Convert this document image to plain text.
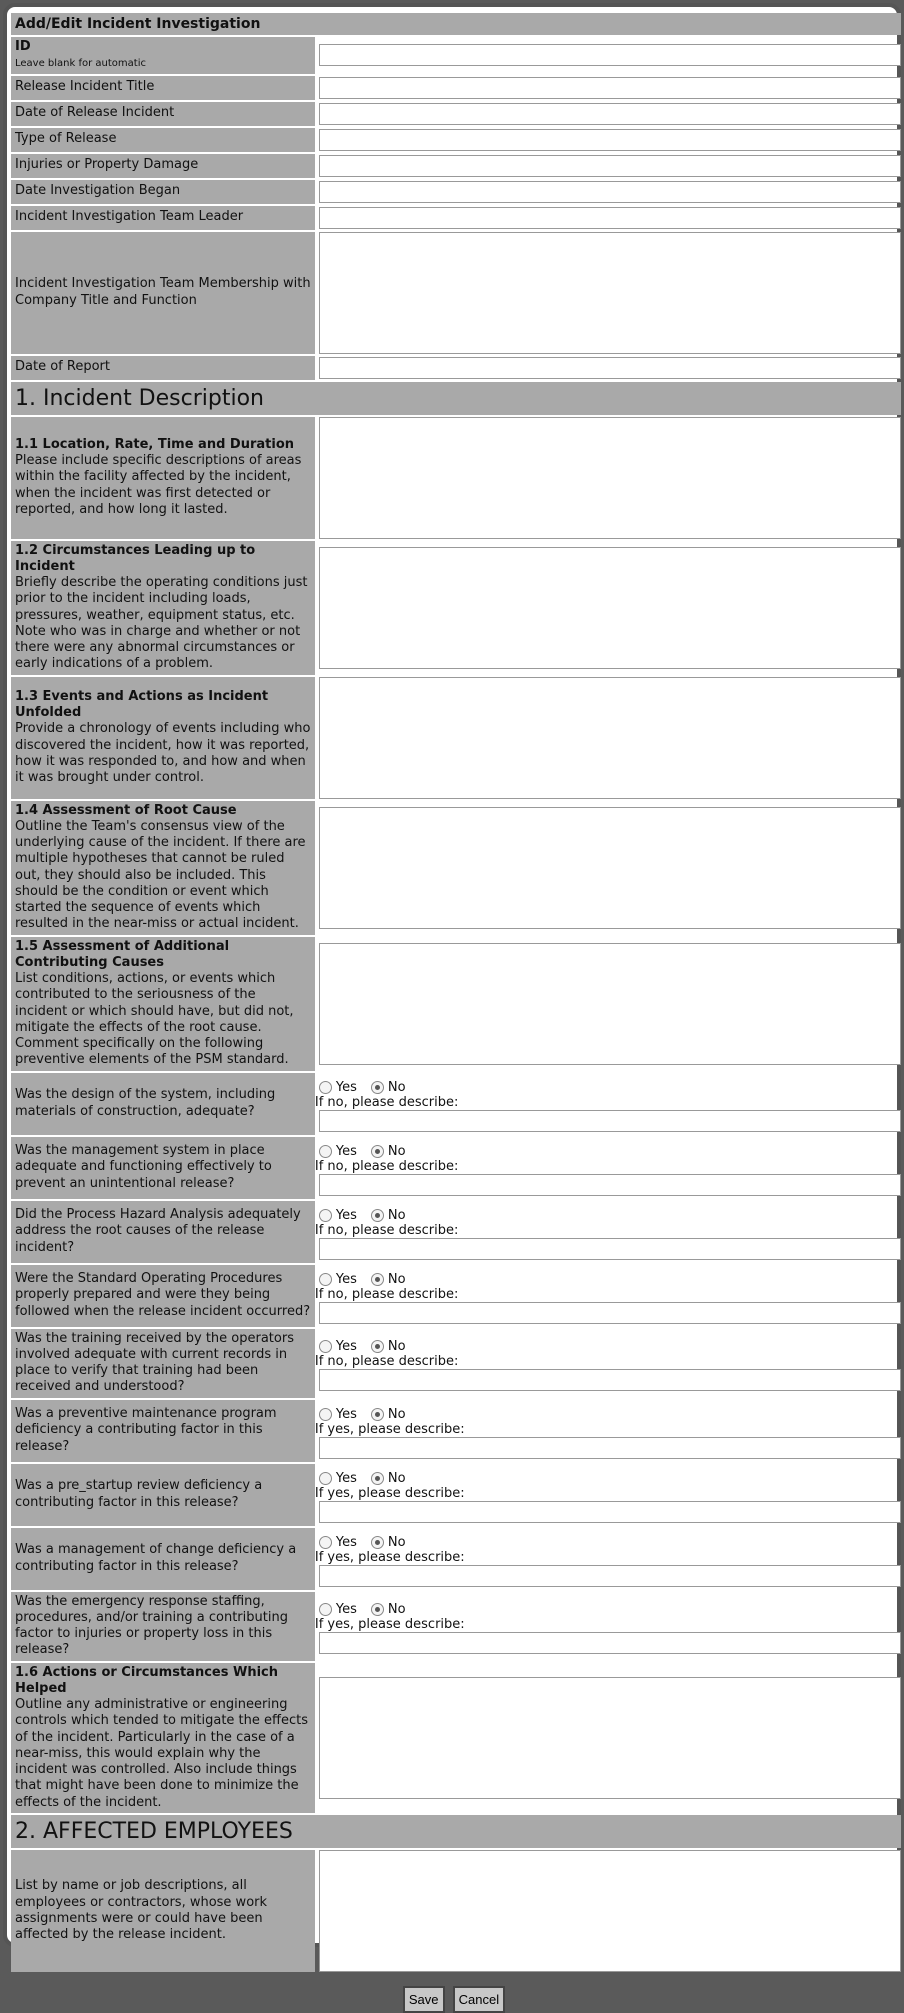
Add/Edit Incident Investigation	
ID
Leave blank for automatic	
Release Incident Title	
Date of Release Incident	
Type of Release	
Injuries or Property Damage	
Date Investigation Began	
Incident Investigation Team Leader	
Incident Investigation Team Membership with Company Title and Function	

Date of Report	
1. Incident Description	
1.1 Location, Rate, Time and Duration
Please include specific descriptions of areas within the facility affected by the incident, when the incident was first detected or reported, and how long it lasted.	

1.2 Circumstances Leading up to Incident
Briefly describe the operating conditions just prior to the incident including loads, pressures, weather, equipment status, etc. Note who was in charge and whether or not there were any abnormal circumstances or early indications of a problem.	

1.3 Events and Actions as Incident Unfolded
Provide a chronology of events including who discovered the incident, how it was reported, how it was responded to, and how and when it was brought under control.	

1.4 Assessment of Root Cause
Outline the Team's consensus view of the underlying cause of the incident. If there are multiple hypotheses that cannot be ruled out, they should also be included. This should be the condition or event which started the sequence of events which resulted in the near-miss or actual incident.	

1.5 Assessment of Additional Contributing Causes
List conditions, actions, or events which contributed to the seriousness of the incident or which should have, but did not, mitigate the effects of the root cause. Comment specifically on the following preventive elements of the PSM standard.	

Was the design of the system, including materials of construction, adequate?	Yes No
If no, please describe:

Was the management system in place adequate and functioning effectively to prevent an unintentional release?	Yes No
If no, please describe:

Did the Process Hazard Analysis adequately address the root causes of the release incident?	Yes No
If no, please describe:

Were the Standard Operating Procedures properly prepared and were they being followed when the release incident occurred?	Yes No
If no, please describe:

Was the training received by the operators involved adequate with current records in place to verify that training had been received and understood?	Yes No
If no, please describe:

Was a preventive maintenance program deficiency a contributing factor in this release?	Yes No
If yes, please describe:

Was a pre_startup review deficiency a contributing factor in this release?	Yes No
If yes, please describe:

Was a management of change deficiency a contributing factor in this release?	Yes No
If yes, please describe:

Was the emergency response staffing, procedures, and/or training a contributing factor to injuries or property loss in this release?	Yes No
If yes, please describe:

1.6 Actions or Circumstances Which Helped
Outline any administrative or engineering controls which tended to mitigate the effects of the incident. Particularly in the case of a near-miss, this would explain why the incident was controlled. Also include things that might have been done to minimize the effects of the incident.	

2. AFFECTED EMPLOYEES	
List by name or job descriptions, all employees or contractors, whose work assignments were or could have been affected by the release incident.	
Save Cancel
